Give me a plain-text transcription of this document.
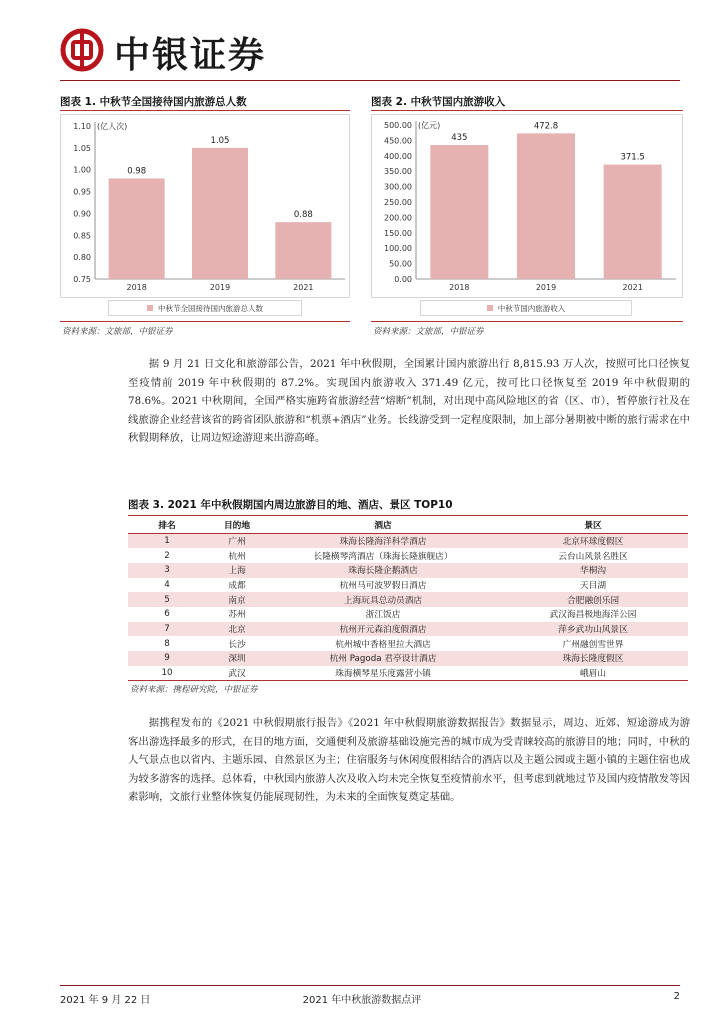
中银证券
图表 1. 中秋节全国接待国内旅游总人数
1.10
1.05
1.00
0.95
0.90
0.85
0.80
0.75
(亿人次)
0.98
2018
1.05
2019
0.88
2021
中秋节全国接待国内旅游总人数
资料来源：文旅部，中银证券
图表 2. 中秋节国内旅游收入
500.00
450.00
400.00
350.00
300.00
250.00
200.00
150.00
100.00
50.00
0.00
(亿元)
435
2018
472.8
2019
371.5
2021
中秋节国内旅游收入
资料来源：文旅部，中银证券
据 9 月 21 日文化和旅游部公告，2021 年中秋假期，全国累计国内旅游出行 8,815.93 万人次，按照可比口径恢复至疫情前 2019 年中秋假期的 87.2%。实现国内旅游收入 371.49 亿元，按可比口径恢复至 2019 年中秋假期的 78.6%。2021 中秋期间，全国严格实施跨省旅游经营“熔断”机制，对出现中高风险地区的省（区、市），暂停旅行社及在线旅游企业经营该省的跨省团队旅游和“机票+酒店”业务。长线游受到一定程度限制，加上部分暑期被中断的旅行需求在中秋假期释放，让周边短途游迎来出游高峰。
图表 3. 2021 年中秋假期国内周边旅游目的地、酒店、景区 TOP10
排名	目的地	酒店	景区
1	广州	珠海长隆海洋科学酒店	北京环球度假区
2	杭州	长隆横琴湾酒店（珠海长隆旗舰店）	云台山风景名胜区
3	上海	珠海长隆企鹅酒店	华桐沟
4	成都	杭州马可波罗假日酒店	天目湖
5	南京	上海玩具总动员酒店	合肥融创乐园
6	苏州	浙江饭店	武汉海昌极地海洋公园
7	北京	杭州开元森泊度假酒店	萍乡武功山风景区
8	长沙	杭州城中香格里拉大酒店	广州融创雪世界
9	深圳	杭州 Pagoda 君亭设计酒店	珠海长隆度假区
10	武汉	珠海横琴星乐度露营小镇	峨眉山
资料来源：携程研究院，中银证券
据携程发布的《2021 中秋假期旅行报告》《2021 年中秋假期旅游数据报告》数据显示，周边、近郊、短途游成为游客出游选择最多的形式，在目的地方面，交通便利及旅游基础设施完善的城市成为受青睐较高的旅游目的地；同时，中秋的人气景点也以省内、主题乐园、自然景区为主；住宿服务与休闲度假相结合的酒店以及主题公园或主题小镇的主题住宿也成为较多游客的选择。总体看，中秋国内旅游人次及收入均未完全恢复至疫情前水平，但考虑到就地过节及国内疫情散发等因素影响，文旅行业整体恢复仍能展现韧性，为未来的全面恢复奠定基础。
2021 年 9 月 22 日	2021 年中秋旅游数据点评	2
